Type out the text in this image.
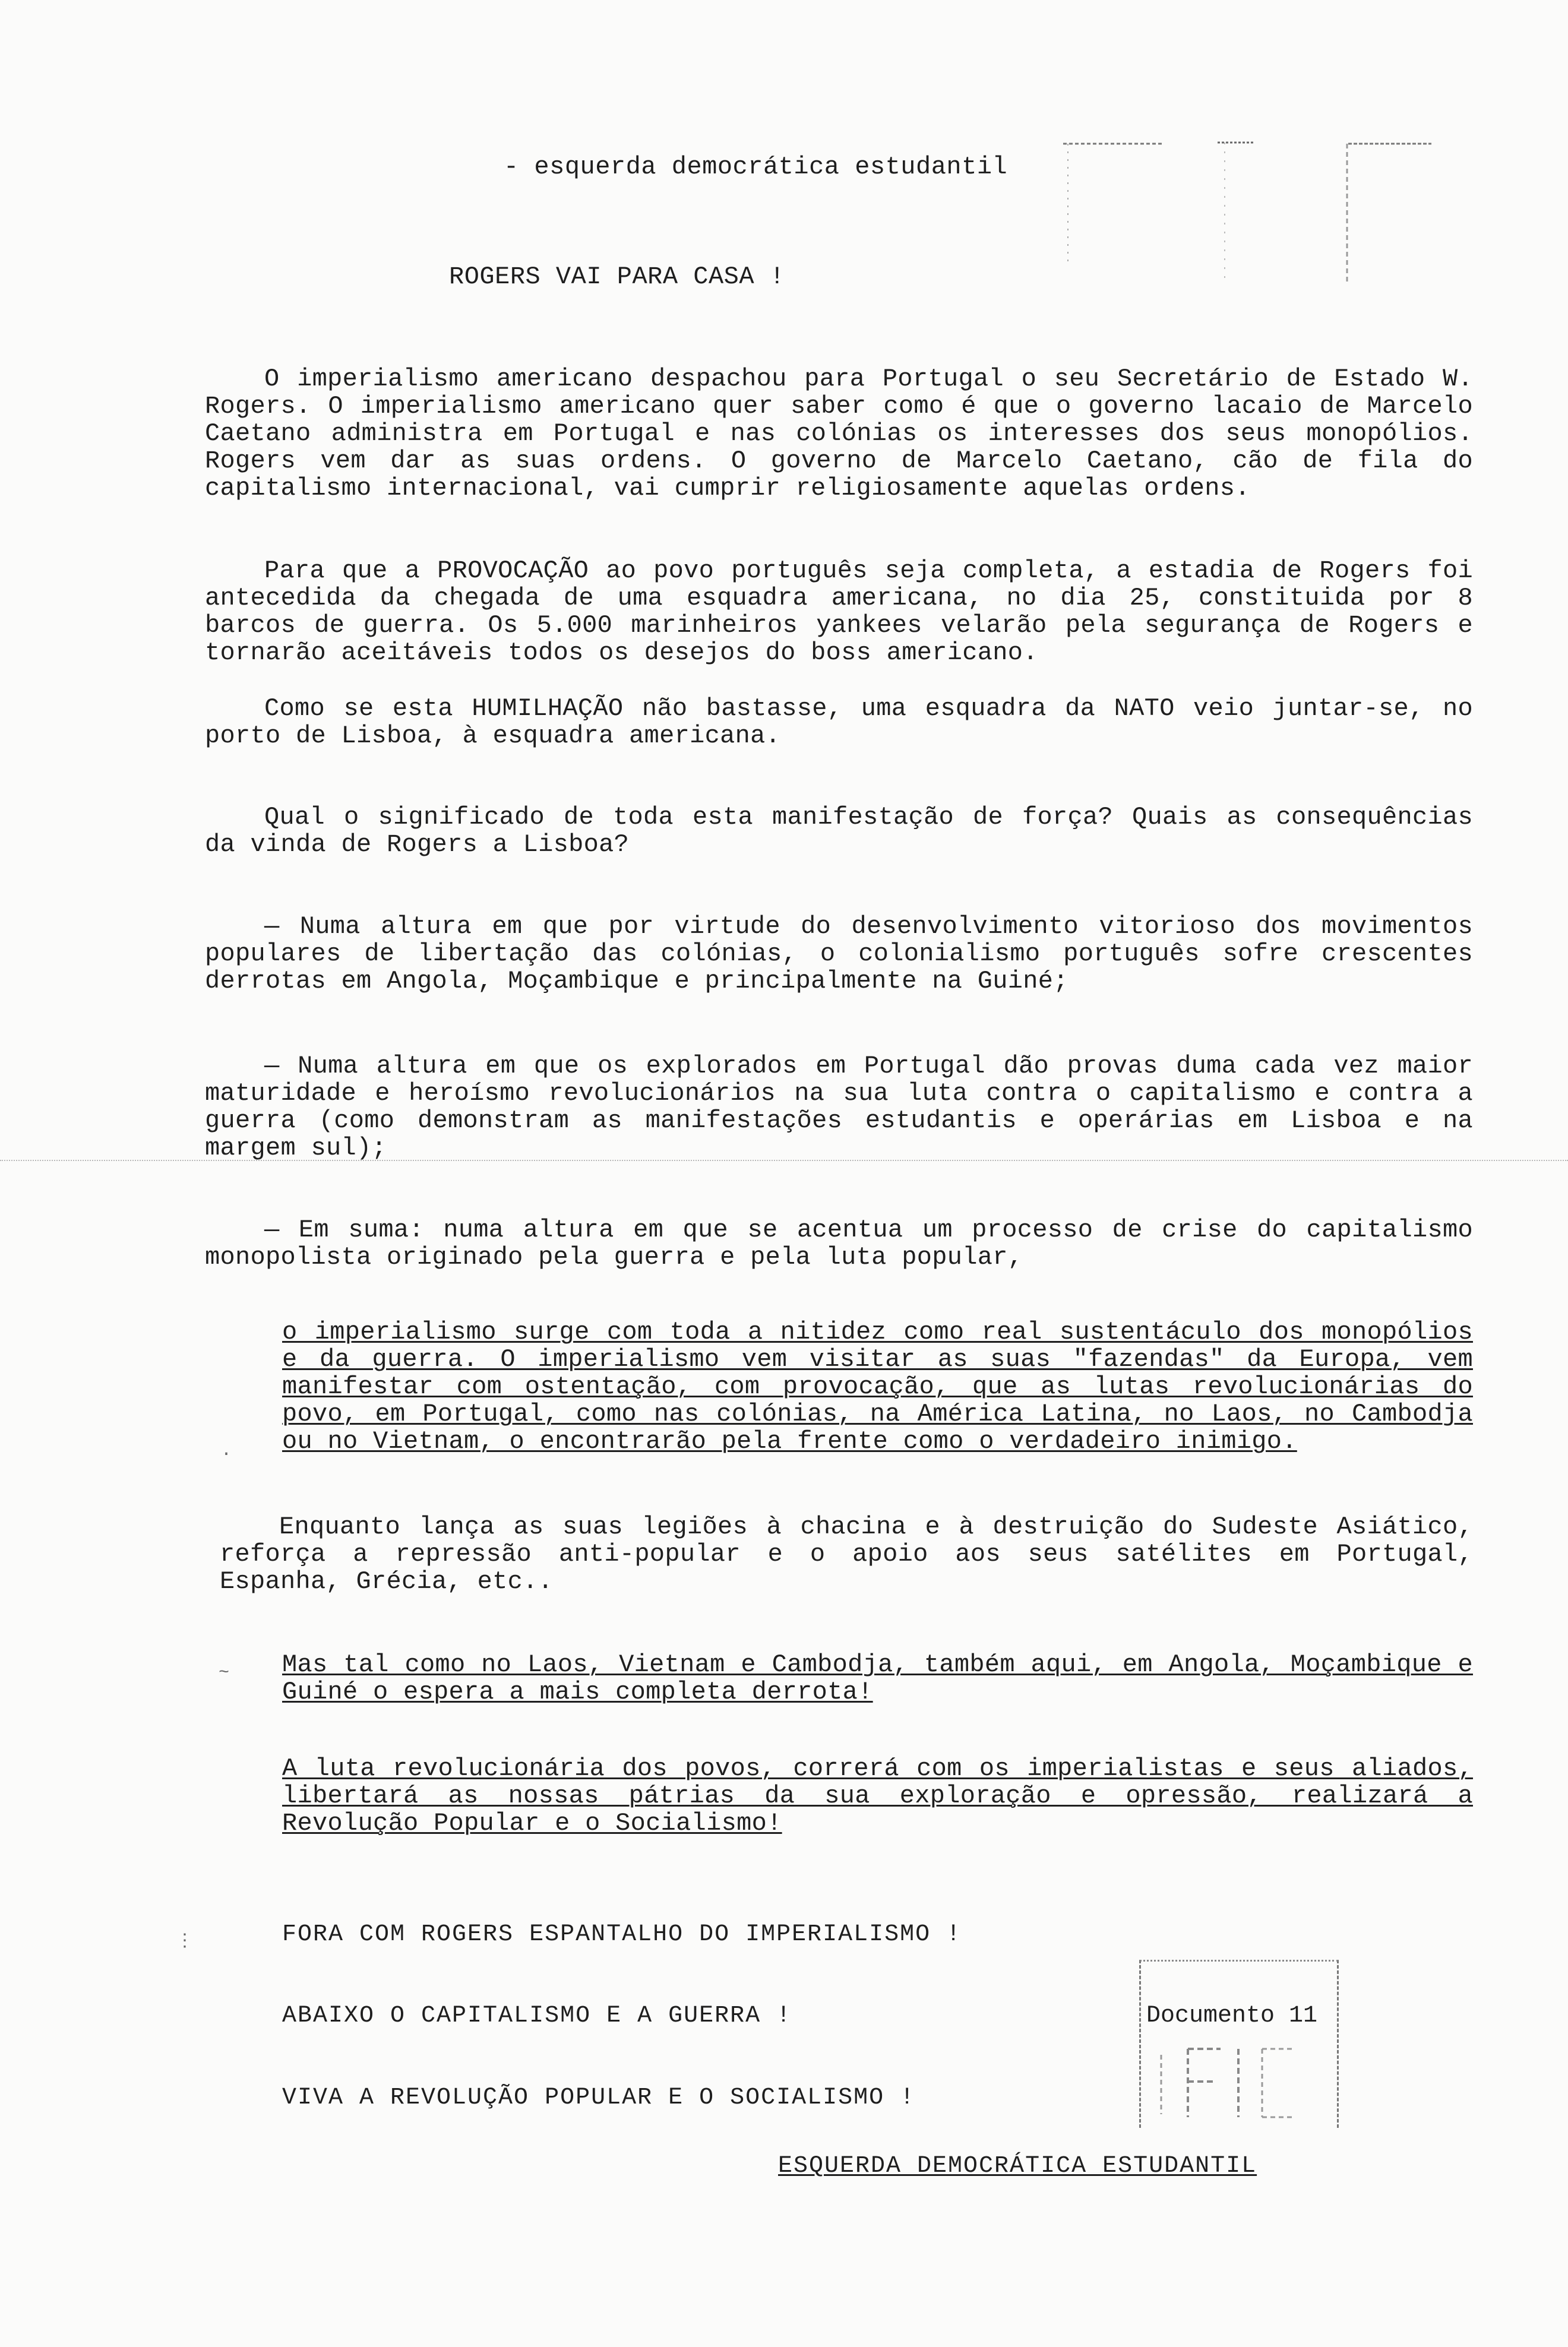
- esquerda democrática estudantil
ROGERS VAI PARA CASA !

O imperialismo americano despachou para Portugal o seu Secretário de Estado W. Rogers. O imperialismo americano quer saber como é que o governo lacaio de Marcelo Caetano administra em Portugal e nas colónias os interesses dos seus monopólios. Rogers vem dar as suas ordens. O governo de Marcelo Caetano, cão de fila do capitalismo internacional, vai cumprir religiosamente aquelas ordens.

Para que a PROVOCAÇÃO ao povo português seja completa, a estadia de Rogers foi antecedida da chegada de uma esquadra americana, no dia 25, constituida por 8 barcos de guerra. Os 5.000 marinheiros yankees velarão pela segurança de Rogers e tornarão aceitáveis todos os desejos do boss americano.

Como se esta HUMILHAÇÃO não bastasse, uma esquadra da NATO veio juntar-se, no porto de Lisboa, à esquadra americana.

Qual o significado de toda esta manifestação de força? Quais as consequências da vinda de Rogers a Lisboa?

— Numa altura em que por virtude do desenvolvimento vitorioso dos movimentos populares de libertação das colónias, o colonialismo português sofre crescentes derrotas em Angola, Moçambique e principalmente na Guiné;

— Numa altura em que os explorados em Portugal dão provas duma cada vez maior maturidade e heroísmo revolucionários na sua luta contra o capitalismo e contra a guerra (como demonstram as manifestações estudantis e operárias em Lisboa e na margem sul);

— Em suma: numa altura em que se acentua um processo de crise do capitalismo monopolista originado pela guerra e pela luta popular,

o imperialismo surge com toda a nitidez como real sustentáculo dos monopólios e da guerra. O imperialismo vem visitar as suas "fazendas" da Europa, vem manifestar com ostentação, com provocação, que as lutas revolucionárias do povo, em Portugal, como nas colónias, na América Latina, no Laos, no Cambodja ou no Vietnam, o encontrarão pela frente como o verdadeiro inimigo.

Enquanto lança as suas legiões à chacina e à destruição do Sudeste Asiático, reforça a repressão anti-popular e o apoio aos seus satélites em Portugal, Espanha, Grécia, etc..

Mas tal como no Laos, Vietnam e Cambodja, também aqui, em Angola, Moçambique e Guiné o espera a mais completa derrota!

A luta revolucionária dos povos, correrá com os imperialistas e seus aliados, libertará as nossas pátrias da sua exploração e opressão, realizará a Revolução Popular e o Socialismo!

FORA COM ROGERS ESPANTALHO DO IMPERIALISMO !
ABAIXO O CAPITALISMO E A GUERRA !
VIVA A REVOLUÇÃO POPULAR E O SOCIALISMO !
Documento 11
ESQUERDA DEMOCRÁTICA ESTUDANTIL
·
~
⋮
